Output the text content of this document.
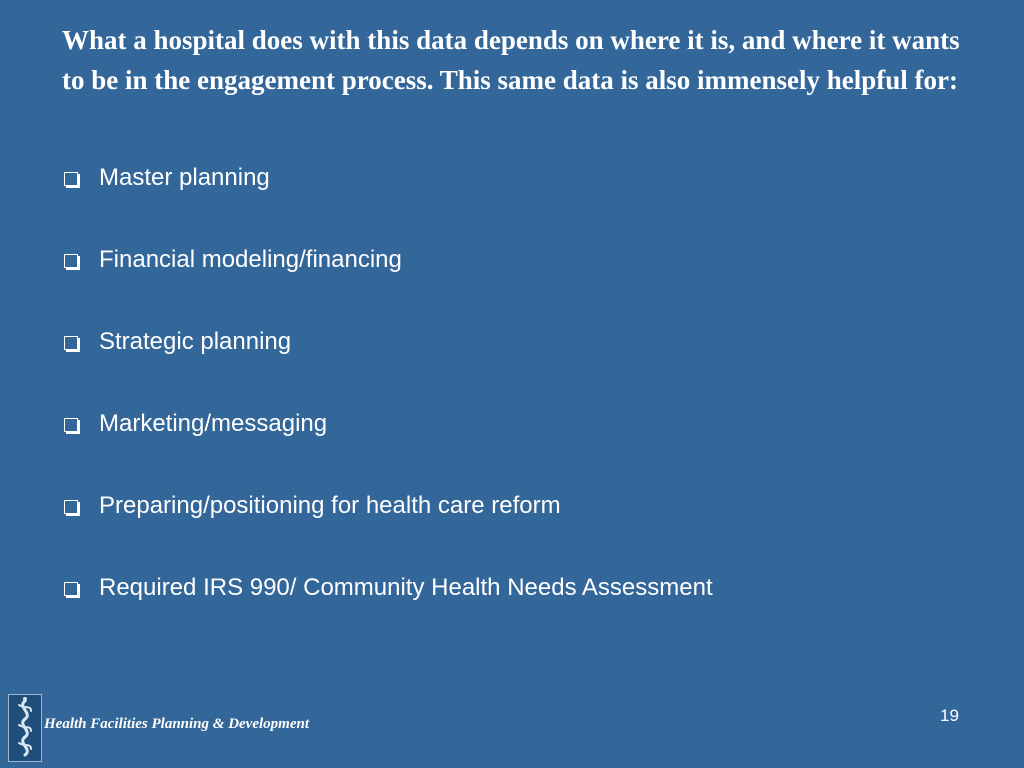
What a hospital does with this data depends on where it is, and where it wants to be in the engagement process. This same data is also immensely helpful for:
Master planning
Financial modeling/financing
Strategic planning
Marketing/messaging
Preparing/positioning for health care reform
Required IRS 990/ Community Health Needs Assessment
Health Facilities Planning & Development	19
